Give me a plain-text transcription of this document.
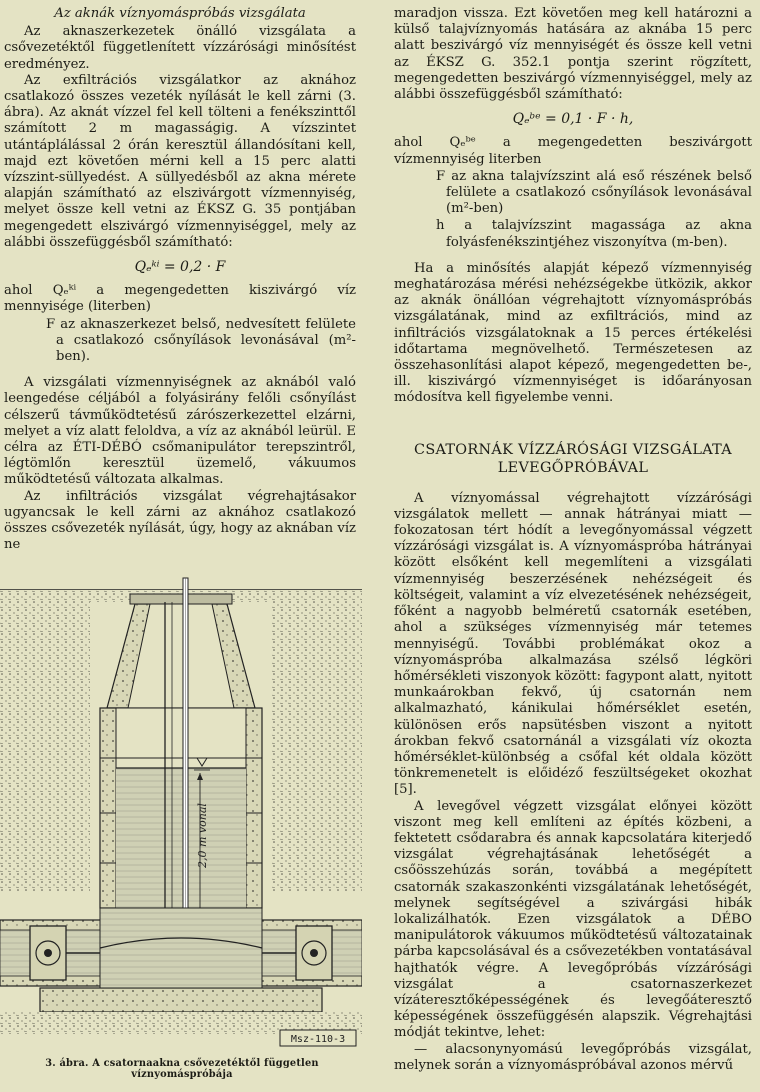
Az aknák víznyomáspróbás vizsgálata

Az aknaszerkezetek önálló vizsgálata a csővezetéktől függetlenített vízzárósági minősítést eredményez.

Az exfiltrációs vizsgálatkor az aknához csatlakozó összes vezeték nyílását le kell zárni (3. ábra). Az aknát vízzel fel kell tölteni a fenékszinttől számított 2 m magasságig. A vízszintet utántáplálással 2 órán keresztül állandósítani kell, majd ezt követően mérni kell a 15 perc alatti vízszint-süllyedést. A süllyedésből az akna mérete alapján számítható az elszivárgott vízmennyiség, melyet össze kell vetni az ÉKSZ G. 35 pontjában megengedett elszivárgó vízmennyiséggel, mely az alábbi összefüggésből számítható:

Qₑᵏⁱ = 0,2 · F

ahol Qₑᵏⁱ a megengedetten kiszivárgó víz mennyisége (literben)

F az aknaszerkezet belső, nedvesített felülete a csatlakozó csőnyílások levonásával (m²-ben).

A vizsgálati vízmennyiségnek az aknából való leengedése céljából a folyásirány felőli csőnyílást célszerű távműködtetésű zárószerkezettel elzárni, melyet a víz alatt feloldva, a víz az aknából leürül. E célra az ÉTI-DÉBÓ csőmanipulátor terepszintről, légtömlőn keresztül üzemelő, vákuumos működtetésű változata alkalmas.

Az infiltrációs vizsgálat végrehajtásakor ugyancsak le kell zárni az aknához csatlakozó összes csővezeték nyílását, úgy, hogy az aknában víz ne

maradjon vissza. Ezt követően meg kell határozni a külső talajvíznyomás hatására az aknába 15 perc alatt beszivárgó víz mennyiségét és össze kell vetni az ÉKSZ G. 352.1 pontja szerint rögzített, megengedetten beszivárgó vízmennyiséggel, mely az alábbi összefüggésből számítható:

Qₑᵇᵉ = 0,1 · F · h,

ahol Qₑᵇᵉ a megengedetten beszivárgott vízmennyiség literben

F az akna talajvízszint alá eső részének belső felülete a csatlakozó csőnyílások levonásával (m²-ben)

h a talajvízszint magassága az akna folyásfenékszintjéhez viszonyítva (m-ben).

Ha a minősítés alapját képező vízmennyiség meghatározása mérési nehézségekbe ütközik, akkor az aknák önállóan végrehajtott víznyomáspróbás vizsgálatának, mind az exfiltrációs, mind az infiltrációs vizsgálatoknak a 15 perces értékelési időtartama megnövelhető. Természetesen az összehasonlítási alapot képező, megengedetten be-, ill. kiszivárgó vízmennyiséget is időarányosan módosítva kell figyelembe venni.

CSATORNÁK VÍZZÁRÓSÁGI VIZSGÁLATA LEVEGŐPRÓBÁVAL

A víznyomással végrehajtott vízzárósági vizsgálatok mellett — annak hátrányai miatt — fokozatosan tért hódít a levegőnyomással végzett vízzárósági vizsgálat is. A víznyomáspróba hátrányai között elsőként kell megemlíteni a vizsgálati vízmennyiség beszerzésének nehézségeit és költségeit, valamint a víz elvezetésének nehézségeit, főként a nagyobb belméretű csatornák esetében, ahol a szükséges vízmennyiség már tetemes mennyiségű. További problémákat okoz a víznyomáspróba alkalmazása szélső légköri hőmérsékleti viszonyok között: fagypont alatt, nyitott munkaárokban fekvő, új csatornán nem alkalmazható, kánikulai hőmérséklet esetén, különösen erős napsütésben viszont a nyitott árokban fekvő csatornánál a vizsgálati víz okozta hőmérséklet-különbség a csőfal két oldala között tönkremenetelt is előidéző feszültségeket okozhat [5].

A levegővel végzett vizsgálat előnyei között viszont meg kell említeni az építés közbeni, a fektetett csődarabra és annak kapcsolatára kiterjedő vizsgálat végrehajtásának lehetőségét a csőösszehúzás során, továbbá a megépített csatornák szakaszonkénti vizsgálatának lehetőségét, melynek segítségével a szivárgási hibák lokalizálhatók. Ezen vizsgálatok a DÉBO manipulátorok vákuumos működtetésű változatainak párba kapcsolásával és a csővezetékben vontatásával hajthatók végre. A levegőpróbás vízzárósági vizsgálat a csatornaszerkezet vízáteresztőképességének és levegőáteresztő képességének összefüggésén alapszik. Végrehajtási módját tekintve, lehet:

— alacsonynyomású levegőpróbás vizsgálat, melynek során a víznyomáspróbával azonos mérvű

2,0 m vonal
Msz-110-3
3. ábra. A csatornaakna csővezetéktől független víznyomáspróbája
